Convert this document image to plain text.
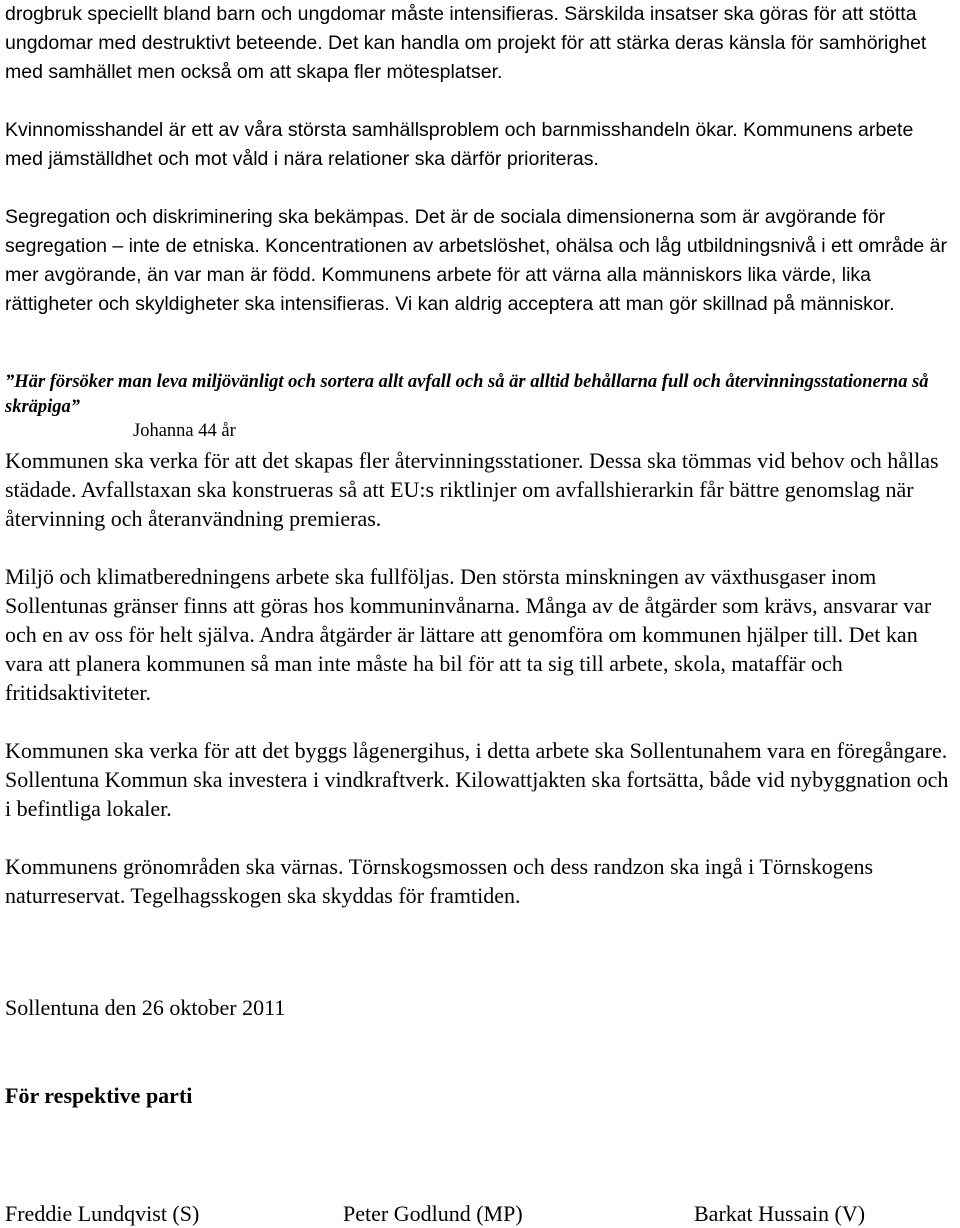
drogbruk speciellt bland barn och ungdomar måste intensifieras. Särskilda insatser ska göras för att stötta ungdomar med destruktivt beteende. Det kan handla om projekt för att stärka deras känsla för samhörighet med samhället men också om att skapa fler mötesplatser.

Kvinnomisshandel är ett av våra största samhällsproblem och barnmisshandeln ökar. Kommunens arbete med jämställdhet och mot våld i nära relationer ska därför prioriteras.

Segregation och diskriminering ska bekämpas. Det är de sociala dimensionerna som är avgörande för segregation – inte de etniska. Koncentrationen av arbetslöshet, ohälsa och låg utbildningsnivå i ett område är mer avgörande, än var man är född. Kommunens arbete för att värna alla människors lika värde, lika rättigheter och skyldigheter ska intensifieras. Vi kan aldrig acceptera att man gör skillnad på människor.

”Här försöker man leva miljövänligt och sortera allt avfall och så är alltid behållarna full och återvinningsstationerna så skräpiga”

Johanna 44 år

Kommunen ska verka för att det skapas fler återvinningsstationer. Dessa ska tömmas vid behov och hållas städade. Avfallstaxan ska konstrueras så att EU:s riktlinjer om avfallshierarkin får bättre genomslag när återvinning och återanvändning premieras.

Miljö och klimatberedningens arbete ska fullföljas. Den största minskningen av växthusgaser inom Sollentunas gränser finns att göras hos kommuninvånarna. Många av de åtgärder som krävs, ansvarar var och en av oss för helt själva. Andra åtgärder är lättare att genomföra om kommunen hjälper till. Det kan vara att planera kommunen så man inte måste ha bil för att ta sig till arbete, skola, mataffär och fritidsaktiviteter.

Kommunen ska verka för att det byggs lågenergihus, i detta arbete ska Sollentunahem vara en föregångare. Sollentuna Kommun ska investera i vindkraftverk. Kilowattjakten ska fortsätta, både vid nybyggnation och i befintliga lokaler.

Kommunens grönområden ska värnas. Törnskogsmossen och dess randzon ska ingå i Törnskogens naturreservat. Tegelhagsskogen ska skyddas för framtiden.

Sollentuna den 26 oktober 2011

För respektive parti

Freddie Lundqvist (S)	Peter Godlund (MP)	Barkat Hussain (V)
